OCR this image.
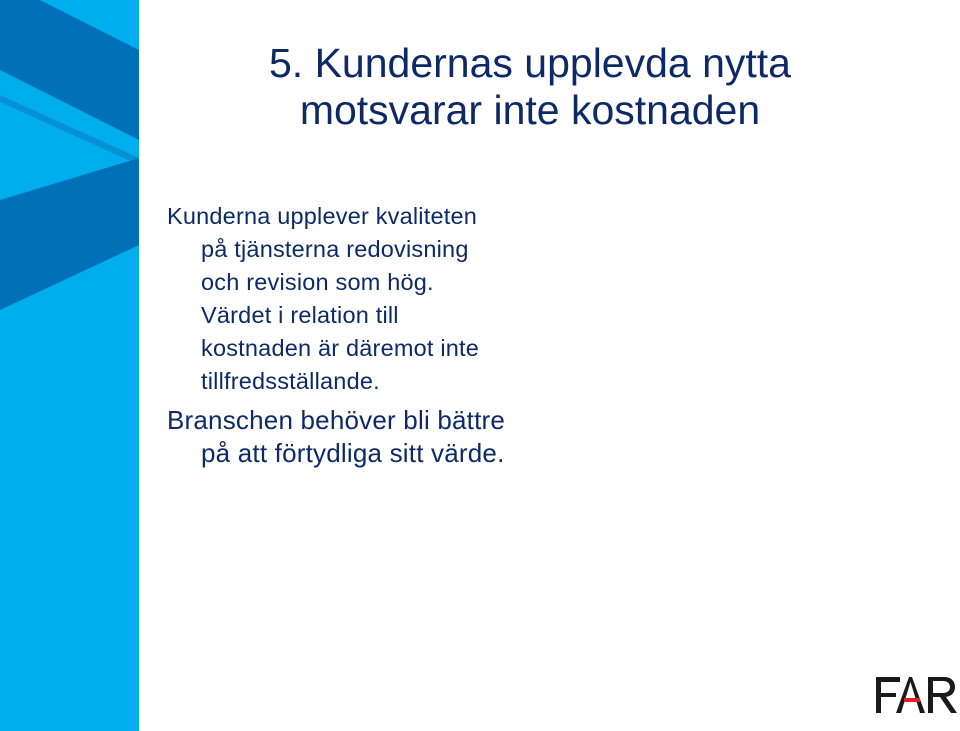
5. Kundernas upplevda nytta
motsvarar inte kostnaden

Kunderna upplever kvaliteten
på tjänsterna redovisning
och revision som hög.
Värdet i relation till
kostnaden är däremot inte
tillfredsställande.

Branschen behöver bli bättre
på att förtydliga sitt värde.
